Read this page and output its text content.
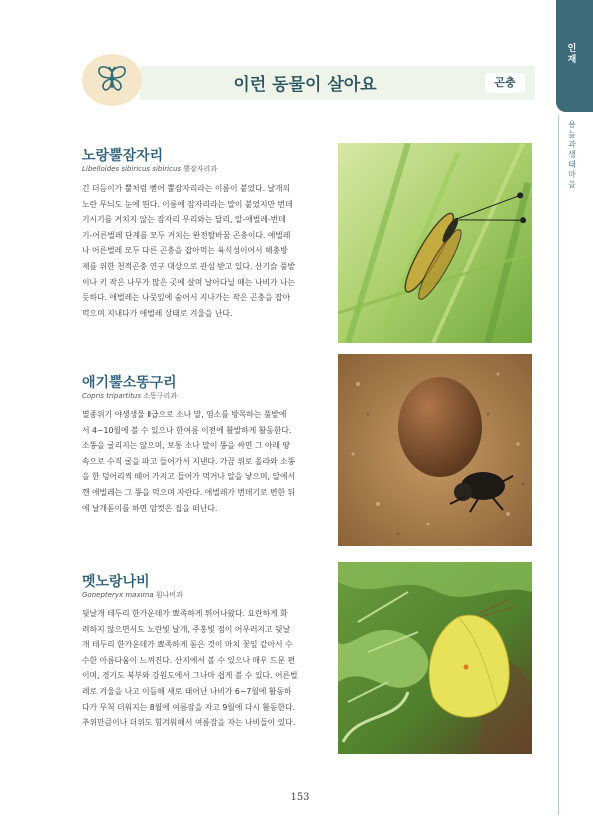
인재
용늪과 생태마을
이런 동물이 살아요	곤충
노랑뿔잠자리
Libelloides sibiricus sibiricus 뿔잠자리과
긴 더듬이가 뿔처럼 뻗어 뿔잠자리라는 이름이 붙었다. 날개의
노란 무늬도 눈에 띈다. 이름에 잠자리라는 말이 붙었지만 번데
기시기를 거치지 않는 잠자리 무리와는 달리, 알-애벌레-번데
기-어른벌레 단계를 모두 거치는 완전탈바꿈 곤충이다. 애벌레
나 어른벌레 모두 다른 곤충을 잡아먹는 육식성이어서 해충방
제를 위한 천적곤충 연구 대상으로 관심 받고 있다. 산기슭 풀밭
이나 키 작은 나무가 많은 곳에 살며 날아다닐 때는 나비가 나는
듯하다. 애벌레는 나뭇잎에 숨어서 지나가는 작은 곤충을 잡아
먹으며 지내다가 애벌레 상태로 겨울을 난다.
애기뿔소똥구리
Copris tripartitus 소똥구리과
멸종위기 야생생물 Ⅱ급으로 소나 말, 염소를 방목하는 풀밭에
서 4~10월에 볼 수 있으나 한여름 이전에 활발하게 활동한다.
소똥을 굴리지는 않으며, 보통 소나 말이 똥을 싸면 그 아래 땅
속으로 수직 굴을 파고 들어가서 지낸다. 가끔 위로 올라와 소똥
을 한 덩어리씩 떼어 가지고 들어가 먹거나 알을 낳으며, 알에서
깬 애벌레는 그 똥을 먹으며 자란다. 애벌레가 번데기로 변한 뒤
에 날개돋이를 하면 암컷은 집을 떠난다.
멧노랑나비
Gonepteryx maxima 흰나비과
뒷날개 테두리 한가운데가 뾰족하게 튀어나왔다. 요란하게 화
려하지 않으면서도 노란빛 날개, 주홍빛 점이 어우러지고 뒷날
개 테두리 한가운데가 뾰족하게 돋은 것이 마치 꽃잎 같아서 수
수한 아름다움이 느껴진다. 산지에서 볼 수 있으나 매우 드문 편
이며, 경기도 북부와 강원도에서 그나마 쉽게 볼 수 있다. 어른벌
레로 겨울을 나고 이듬해 새로 태어난 나비가 6~7월에 활동하
다가 무척 더워지는 8월에 여름잠을 자고 9월에 다시 활동한다.
추위만큼이나 더위도 힘겨워해서 여름잠을 자는 나비들이 있다.
153
